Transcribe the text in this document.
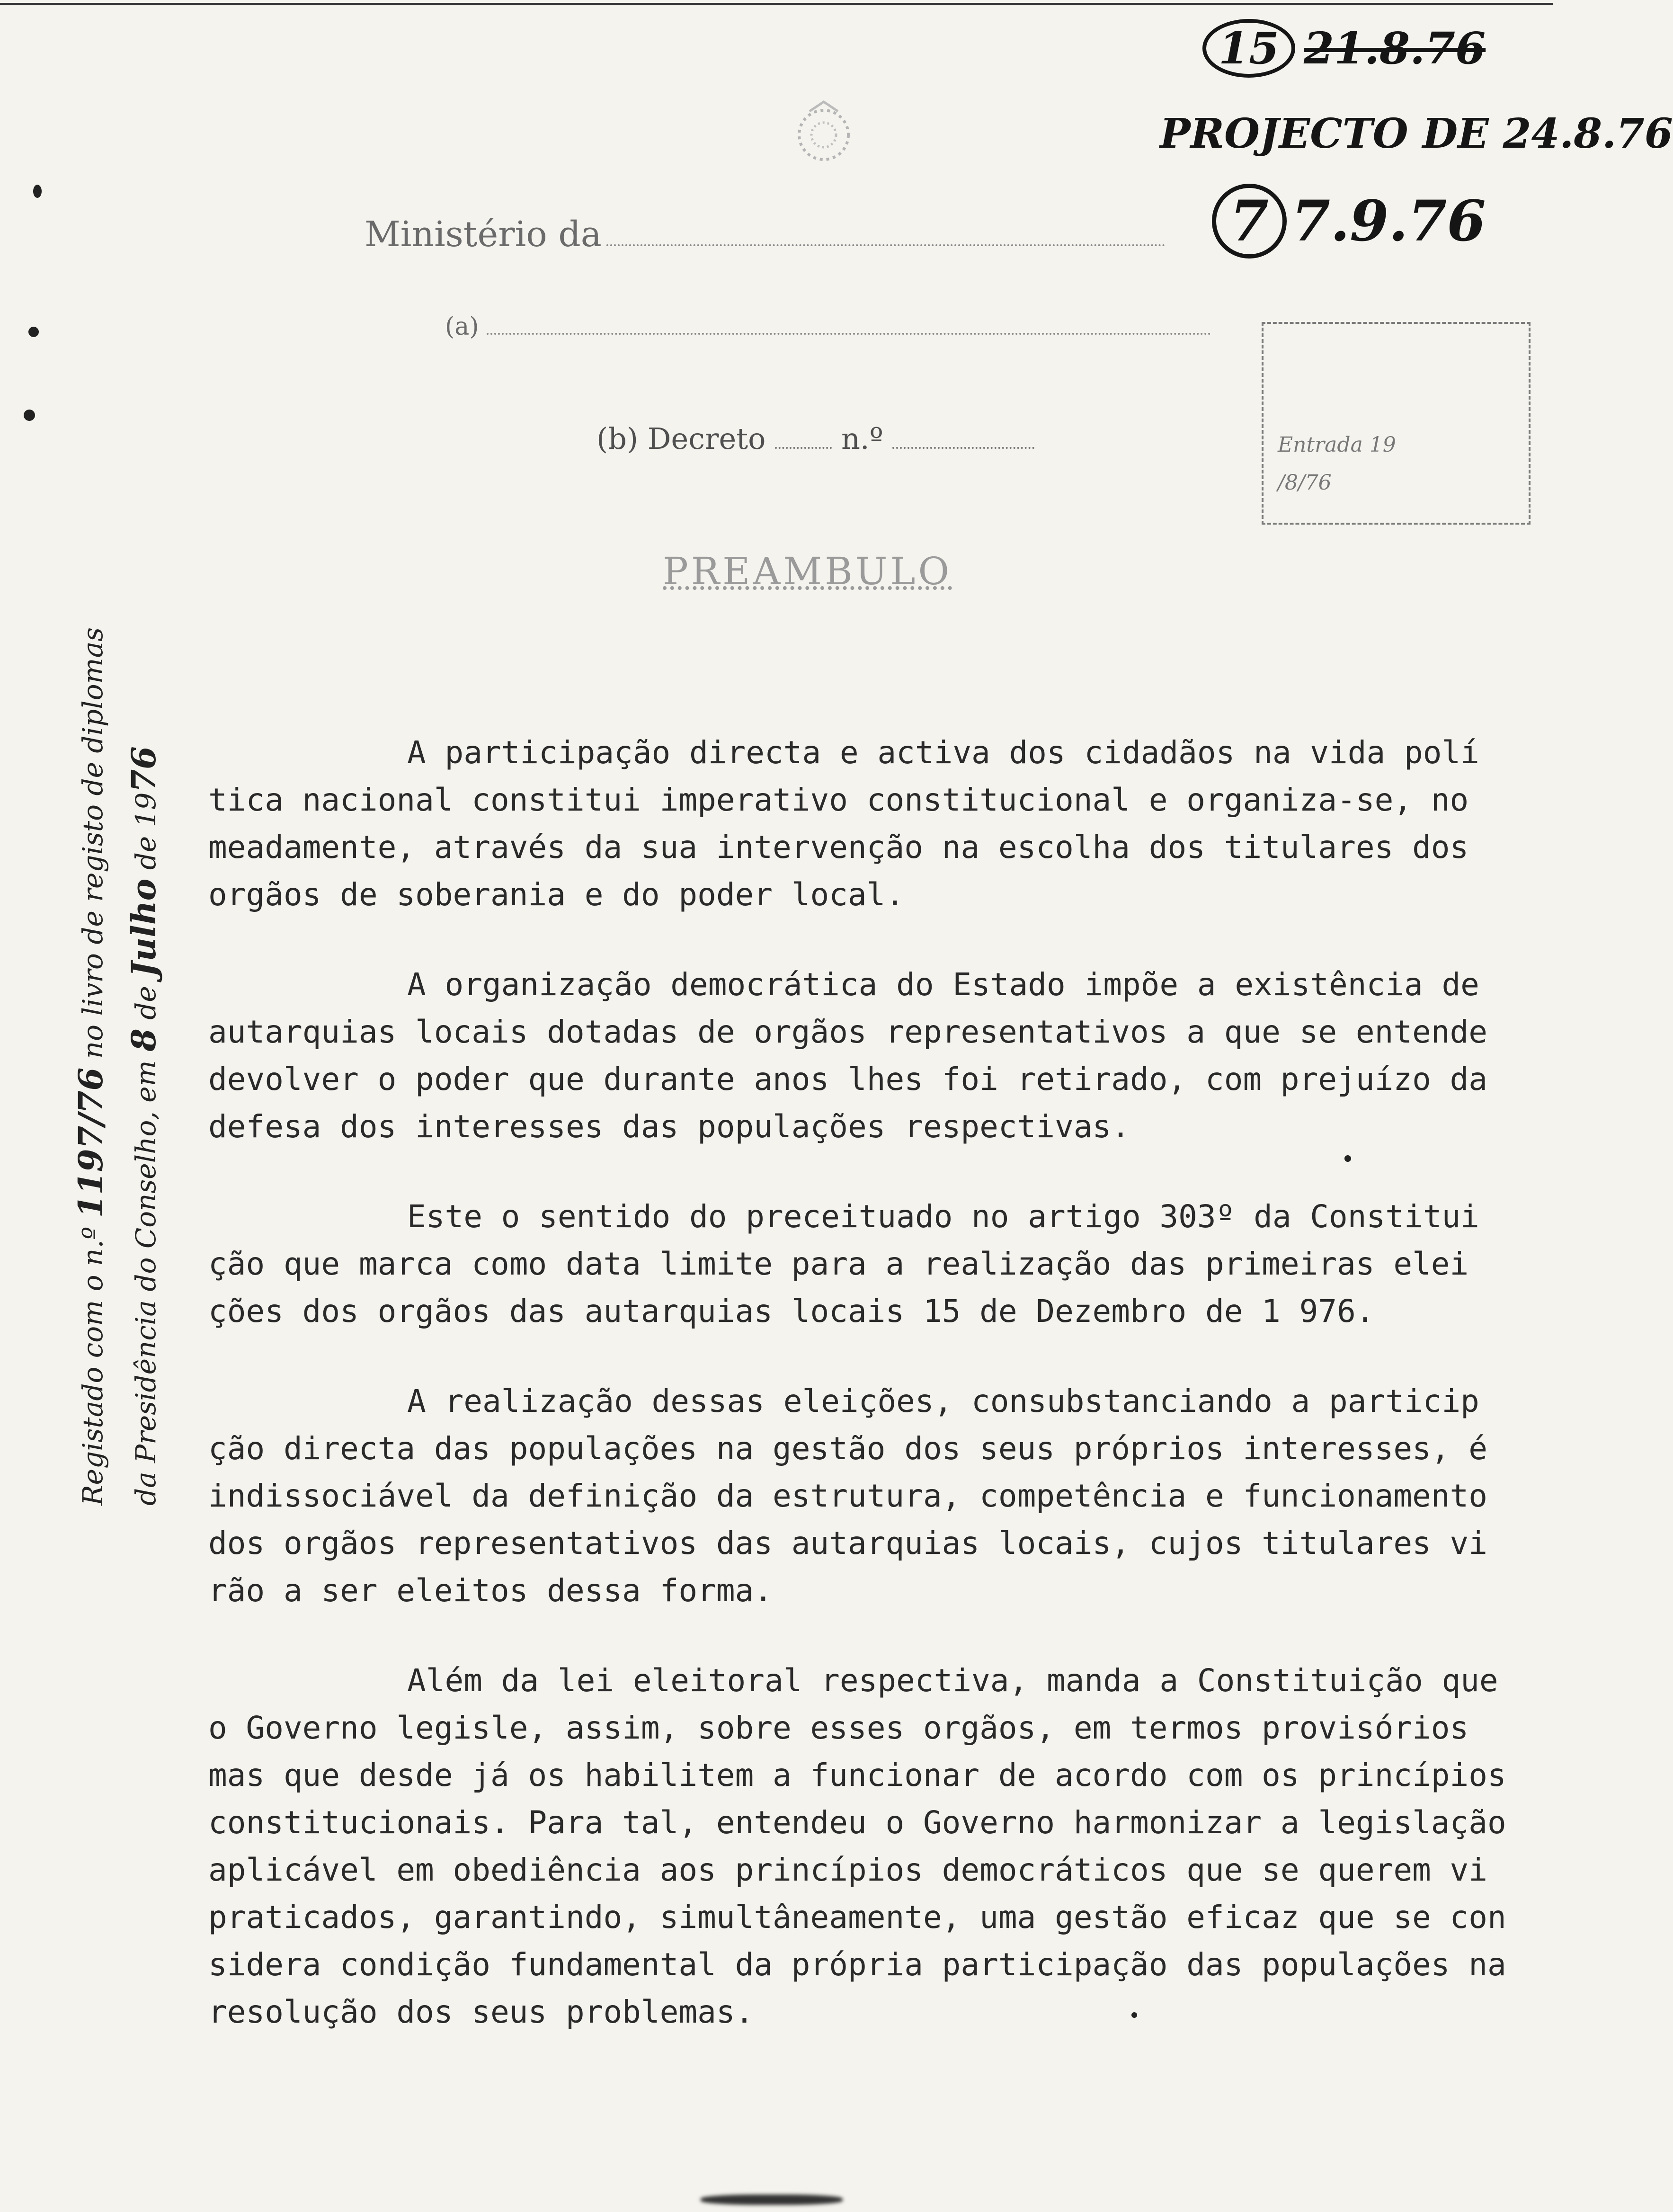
15 21.8.76
PROJECTO DE 24.8.76
7 7.9.76
Ministério da
(a)
(b) Decreto	n.º	Entrada 19
/8/76
PREAMBULO
Registado com o n.º 1197/76 no livro de registo de diplomas
da Presidência do Conselho, em 8 de Julho de 1976	A participação directa e activa dos cidadãos na vida polí
tica nacional constitui imperativo constitucional e organiza-se, no
meadamente, através da sua intervenção na escolha dos titulares dos
orgãos de soberania e do poder local.

A organização democrática do Estado impõe a existência de
autarquias locais dotadas de orgãos representativos a que se entende
devolver o poder que durante anos lhes foi retirado, com prejuízo da
defesa dos interesses das populações respectivas.

Este o sentido do preceituado no artigo 303º da Constitui
ção que marca como data limite para a realização das primeiras elei
ções dos orgãos das autarquias locais 15 de Dezembro de 1 976.

A realização dessas eleições, consubstanciando a particip
ção directa das populações na gestão dos seus próprios interesses, é
indissociável da definição da estrutura, competência e funcionamento
dos orgãos representativos das autarquias locais, cujos titulares vi
rão a ser eleitos dessa forma.

Além da lei eleitoral respectiva, manda a Constituição que
o Governo legisle, assim, sobre esses orgãos, em termos provisórios
mas que desde já os habilitem a funcionar de acordo com os princípios
constitucionais. Para tal, entendeu o Governo harmonizar a legislação
aplicável em obediência aos princípios democráticos que se querem vi
praticados, garantindo, simultâneamente, uma gestão eficaz que se con
sidera condição fundamental da própria participação das populações na
resolução dos seus problemas.
